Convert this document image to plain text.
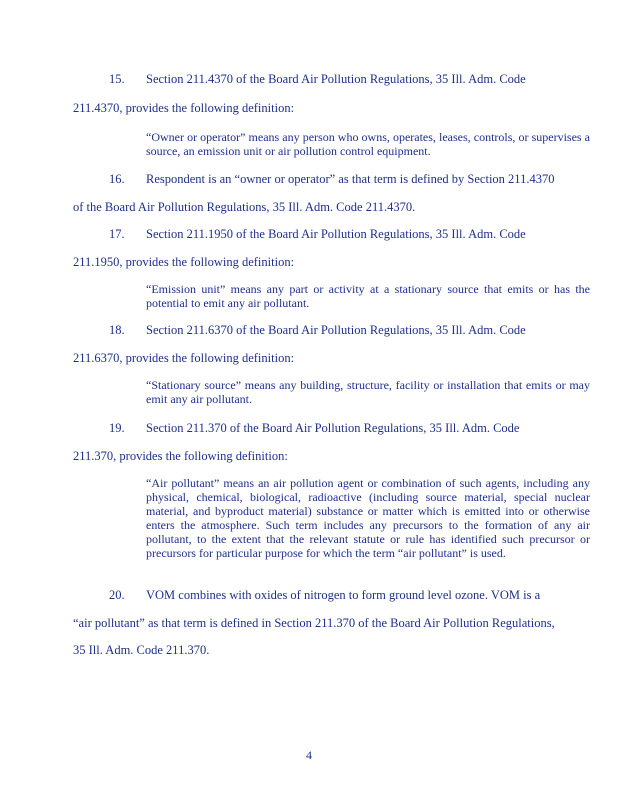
15. Section 211.4370 of the Board Air Pollution Regulations, 35 Ill. Adm. Code
211.4370, provides the following definition:
“Owner or operator” means any person who owns, operates, leases, controls, or supervises a source, an emission unit or air pollution control equipment.
16. Respondent is an “owner or operator” as that term is defined by Section 211.4370
of the Board Air Pollution Regulations, 35 Ill. Adm. Code 211.4370.
17. Section 211.1950 of the Board Air Pollution Regulations, 35 Ill. Adm. Code
211.1950, provides the following definition:
“Emission unit” means any part or activity at a stationary source that emits or has the potential to emit any air pollutant.
18. Section 211.6370 of the Board Air Pollution Regulations, 35 Ill. Adm. Code
211.6370, provides the following definition:
“Stationary source” means any building, structure, facility or installation that emits or may emit any air pollutant.
19. Section 211.370 of the Board Air Pollution Regulations, 35 Ill. Adm. Code
211.370, provides the following definition:
“Air pollutant” means an air pollution agent or combination of such agents, including any physical, chemical, biological, radioactive (including source material, special nuclear material, and byproduct material) substance or matter which is emitted into or otherwise enters the atmosphere. Such term includes any precursors to the formation of any air pollutant, to the extent that the relevant statute or rule has identified such precursor or precursors for particular purpose for which the term “air pollutant” is used.
20. VOM combines with oxides of nitrogen to form ground level ozone. VOM is a
“air pollutant” as that term is defined in Section 211.370 of the Board Air Pollution Regulations,
35 Ill. Adm. Code 211.370.
4
